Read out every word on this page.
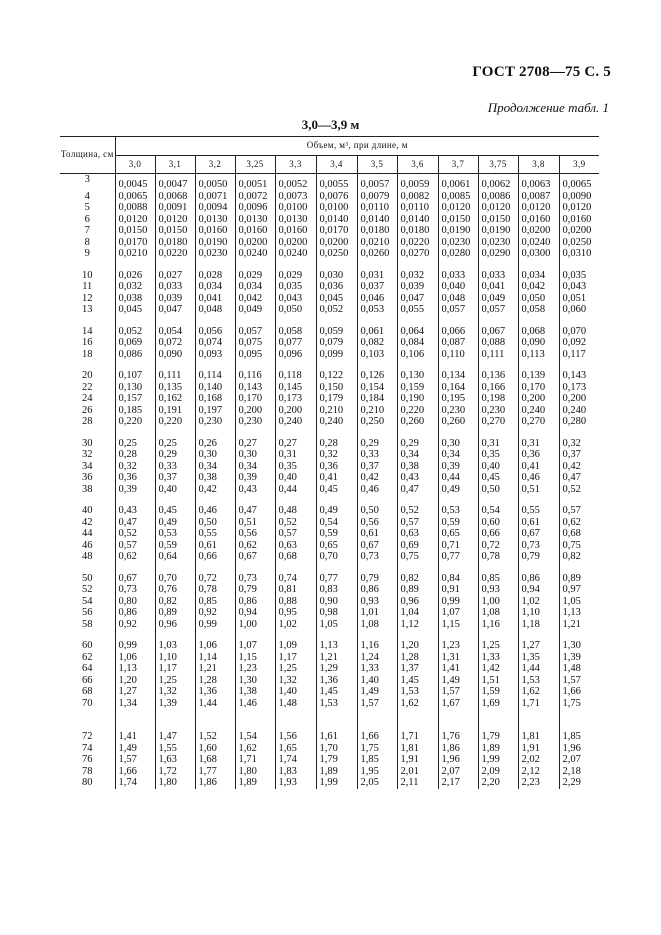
ГОСТ 2708—75 С. 5
Продолжение табл. 1
3,0—3,9 м
Толщина, см	Объем, м³, при длине, м											
	3,0	3,1	3,2	3,25	3,3	3,4	3,5	3,6	3,7	3,75	3,8	3,9
3	0,0045	0,0047	0,0050	0,0051	0,0052	0,0055	0,0057	0,0059	0,0061	0,0062	0,0063	0,0065
4	0,0065	0,0068	0,0071	0,0072	0,0073	0,0076	0,0079	0,0082	0,0085	0,0086	0,0087	0,0090
5	0,0088	0,0091	0,0094	0,0096	0,0100	0,0100	0,0110	0,0110	0,0120	0,0120	0,0120	0,0120
6	0,0120	0,0120	0,0130	0,0130	0,0130	0,0140	0,0140	0,0140	0,0150	0,0150	0,0160	0,0160
7	0,0150	0,0150	0,0160	0,0160	0,0160	0,0170	0,0180	0,0180	0,0190	0,0190	0,0200	0,0200
8	0,0170	0,0180	0,0190	0,0200	0,0200	0,0200	0,0210	0,0220	0,0230	0,0230	0,0240	0,0250
9	0,0210	0,0220	0,0230	0,0240	0,0240	0,0250	0,0260	0,0270	0,0280	0,0290	0,0300	0,0310

10	0,026	0,027	0,028	0,029	0,029	0,030	0,031	0,032	0,033	0,033	0,034	0,035
11	0,032	0,033	0,034	0,034	0,035	0,036	0,037	0,039	0,040	0,041	0,042	0,043
12	0,038	0,039	0,041	0,042	0,043	0,045	0,046	0,047	0,048	0,049	0,050	0,051
13	0,045	0,047	0,048	0,049	0,050	0,052	0,053	0,055	0,057	0,057	0,058	0,060

14	0,052	0,054	0,056	0,057	0,058	0,059	0,061	0,064	0,066	0,067	0,068	0,070
16	0,069	0,072	0,074	0,075	0,077	0,079	0,082	0,084	0,087	0,088	0,090	0,092
18	0,086	0,090	0,093	0,095	0,096	0,099	0,103	0,106	0,110	0,111	0,113	0,117

20	0,107	0,111	0,114	0,116	0,118	0,122	0,126	0,130	0,134	0,136	0,139	0,143
22	0,130	0,135	0,140	0,143	0,145	0,150	0,154	0,159	0,164	0,166	0,170	0,173
24	0,157	0,162	0,168	0,170	0,173	0,179	0,184	0,190	0,195	0,198	0,200	0,200
26	0,185	0,191	0,197	0,200	0,200	0,210	0,210	0,220	0,230	0,230	0,240	0,240
28	0,220	0,220	0,230	0,230	0,240	0,240	0,250	0,260	0,260	0,270	0,270	0,280

30	0,25	0,25	0,26	0,27	0,27	0,28	0,29	0,29	0,30	0,31	0,31	0,32
32	0,28	0,29	0,30	0,30	0,31	0,32	0,33	0,34	0,34	0,35	0,36	0,37
34	0,32	0,33	0,34	0,34	0,35	0,36	0,37	0,38	0,39	0,40	0,41	0,42
36	0,36	0,37	0,38	0,39	0,40	0,41	0,42	0,43	0,44	0,45	0,46	0,47
38	0,39	0,40	0,42	0,43	0,44	0,45	0,46	0,47	0,49	0,50	0,51	0,52

40	0,43	0,45	0,46	0,47	0,48	0,49	0,50	0,52	0,53	0,54	0,55	0,57
42	0,47	0,49	0,50	0,51	0,52	0,54	0,56	0,57	0,59	0,60	0,61	0,62
44	0,52	0,53	0,55	0,56	0,57	0,59	0,61	0,63	0,65	0,66	0,67	0,68
46	0,57	0,59	0,61	0,62	0,63	0,65	0,67	0,69	0,71	0,72	0,73	0,75
48	0,62	0,64	0,66	0,67	0,68	0,70	0,73	0,75	0,77	0,78	0,79	0,82

50	0,67	0,70	0,72	0,73	0,74	0,77	0,79	0,82	0,84	0,85	0,86	0,89
52	0,73	0,76	0,78	0,79	0,81	0,83	0,86	0,89	0,91	0,93	0,94	0,97
54	0,80	0,82	0,85	0,86	0,88	0,90	0,93	0,96	0,99	1,00	1,02	1,05
56	0,86	0,89	0,92	0,94	0,95	0,98	1,01	1,04	1,07	1,08	1,10	1,13
58	0,92	0,96	0,99	1,00	1,02	1,05	1,08	1,12	1,15	1,16	1,18	1,21

60	0,99	1,03	1,06	1,07	1,09	1,13	1,16	1,20	1,23	1,25	1,27	1,30
62	1,06	1,10	1,14	1,15	1,17	1,21	1,24	1,28	1,31	1,33	1,35	1,39
64	1,13	1,17	1,21	1,23	1,25	1,29	1,33	1,37	1,41	1,42	1,44	1,48
66	1,20	1,25	1,28	1,30	1,32	1,36	1,40	1,45	1,49	1,51	1,53	1,57
68	1,27	1,32	1,36	1,38	1,40	1,45	1,49	1,53	1,57	1,59	1,62	1,66
70	1,34	1,39	1,44	1,46	1,48	1,53	1,57	1,62	1,67	1,69	1,71	1,75

72	1,41	1,47	1,52	1,54	1,56	1,61	1,66	1,71	1,76	1,79	1,81	1,85
74	1,49	1,55	1,60	1,62	1,65	1,70	1,75	1,81	1,86	1,89	1,91	1,96
76	1,57	1,63	1,68	1,71	1,74	1,79	1,85	1,91	1,96	1,99	2,02	2,07
78	1,66	1,72	1,77	1,80	1,83	1,89	1,95	2,01	2,07	2,09	2,12	2,18
80	1,74	1,80	1,86	1,89	1,93	1,99	2,05	2,11	2,17	2,20	2,23	2,29
